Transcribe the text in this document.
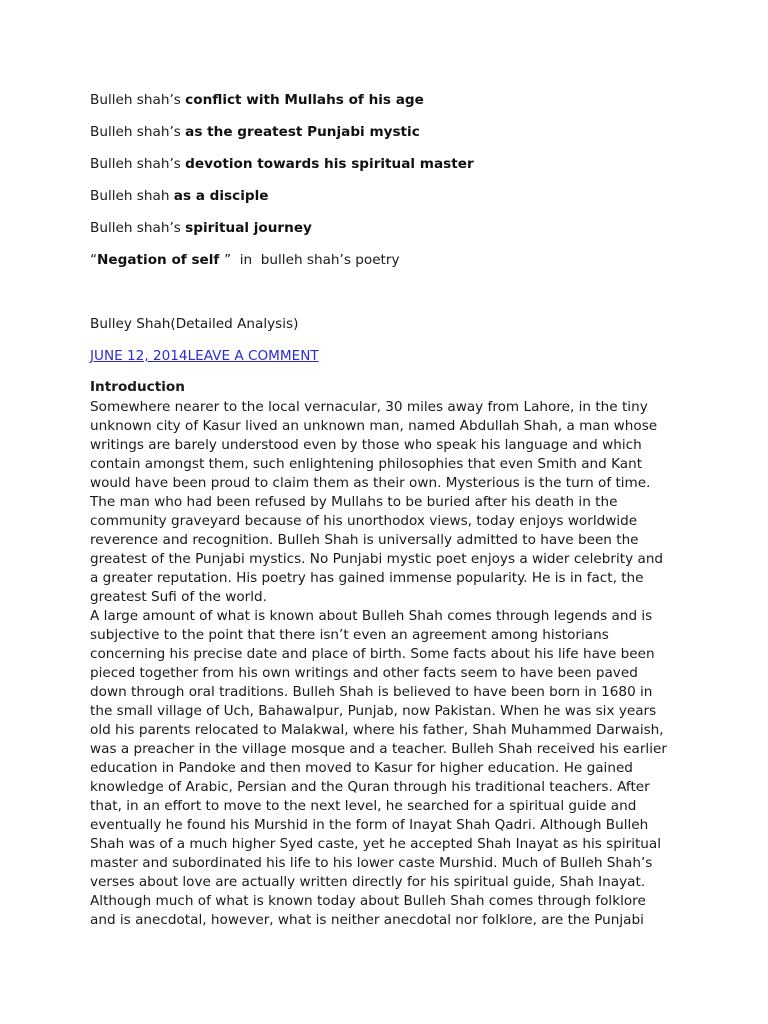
Bulleh shah’s conflict with Mullahs of his age
Bulleh shah’s as the greatest Punjabi mystic
Bulleh shah’s devotion towards his spiritual master
Bulleh shah as a disciple
Bulleh shah’s spiritual journey
“Negation of self ”  in  bulleh shah’s poetry
Bulley Shah(Detailed Analysis)
JUNE 12, 2014LEAVE A COMMENT
Introduction
Somewhere nearer to the local vernacular, 30 miles away from Lahore, in the tiny
unknown city of Kasur lived an unknown man, named Abdullah Shah, a man whose
writings are barely understood even by those who speak his language and which
contain amongst them, such enlightening philosophies that even Smith and Kant
would have been proud to claim them as their own. Mysterious is the turn of time.
The man who had been refused by Mullahs to be buried after his death in the
community graveyard because of his unorthodox views, today enjoys worldwide
reverence and recognition. Bulleh Shah is universally admitted to have been the
greatest of the Punjabi mystics. No Punjabi mystic poet enjoys a wider celebrity and
a greater reputation. His poetry has gained immense popularity. He is in fact, the
greatest Sufi of the world.
A large amount of what is known about Bulleh Shah comes through legends and is
subjective to the point that there isn’t even an agreement among historians
concerning his precise date and place of birth. Some facts about his life have been
pieced together from his own writings and other facts seem to have been paved
down through oral traditions. Bulleh Shah is believed to have been born in 1680 in
the small village of Uch, Bahawalpur, Punjab, now Pakistan. When he was six years
old his parents relocated to Malakwal, where his father, Shah Muhammed Darwaish,
was a preacher in the village mosque and a teacher. Bulleh Shah received his earlier
education in Pandoke and then moved to Kasur for higher education. He gained
knowledge of Arabic, Persian and the Quran through his traditional teachers. After
that, in an effort to move to the next level, he searched for a spiritual guide and
eventually he found his Murshid in the form of Inayat Shah Qadri. Although Bulleh
Shah was of a much higher Syed caste, yet he accepted Shah Inayat as his spiritual
master and subordinated his life to his lower caste Murshid. Much of Bulleh Shah’s
verses about love are actually written directly for his spiritual guide, Shah Inayat.
Although much of what is known today about Bulleh Shah comes through folklore
and is anecdotal, however, what is neither anecdotal nor folklore, are the Punjabi
